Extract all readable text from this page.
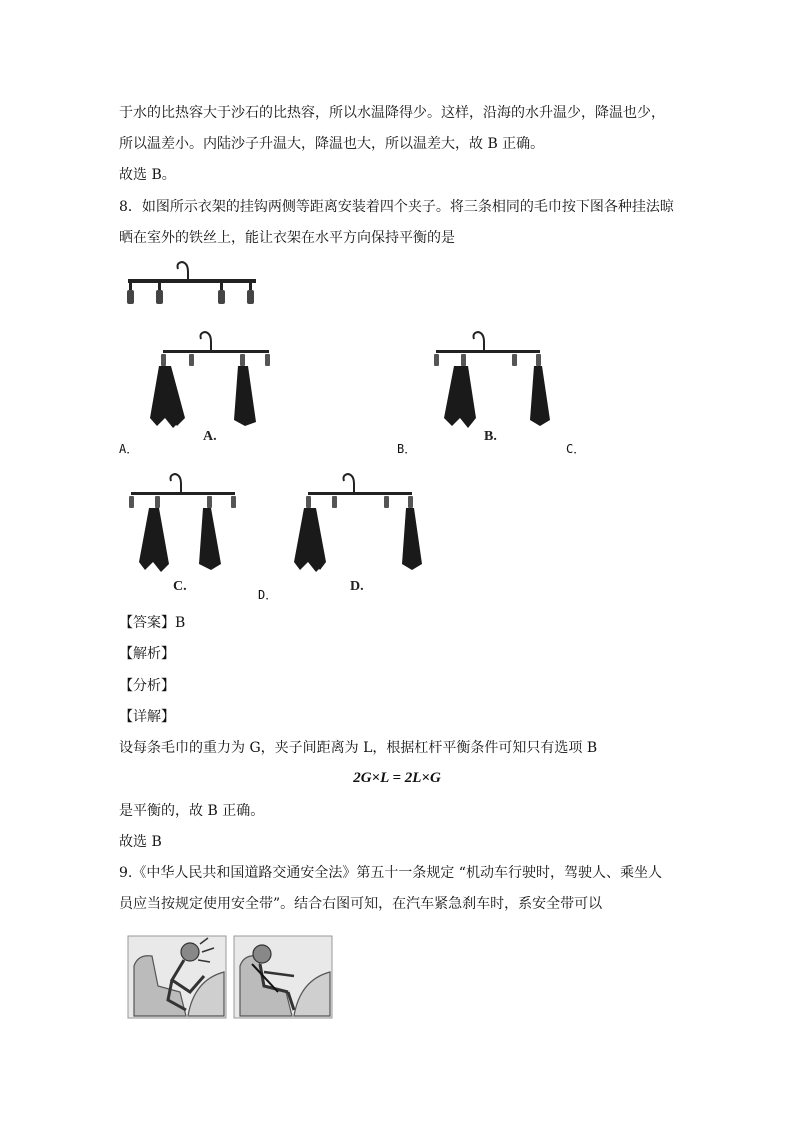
于水的比热容大于沙石的比热容，所以水温降得少。这样，沿海的水升温少，降温也少，
所以温差小。内陆沙子升温大，降温也大，所以温差大，故 B 正确。
故选 B。
8．如图所示衣架的挂钩两侧等距离安装着四个夹子。将三条相同的毛巾按下图各种挂法晾
晒在室外的铁丝上，能让衣架在水平方向保持平衡的是
A.
A．
B.
B．	C．
C.
D．
D.
【答案】B
【解析】
【分析】
【详解】
设每条毛巾的重力为 G，夹子间距离为 L，根据杠杆平衡条件可知只有选项 B
2G×L = 2L×G
是平衡的，故 B 正确。
故选 B
9.《中华人民共和国道路交通安全法》第五十一条规定 “机动车行驶时，驾驶人、乘坐人
员应当按规定使用安全带”。结合右图可知，在汽车紧急刹车时，系安全带可以
